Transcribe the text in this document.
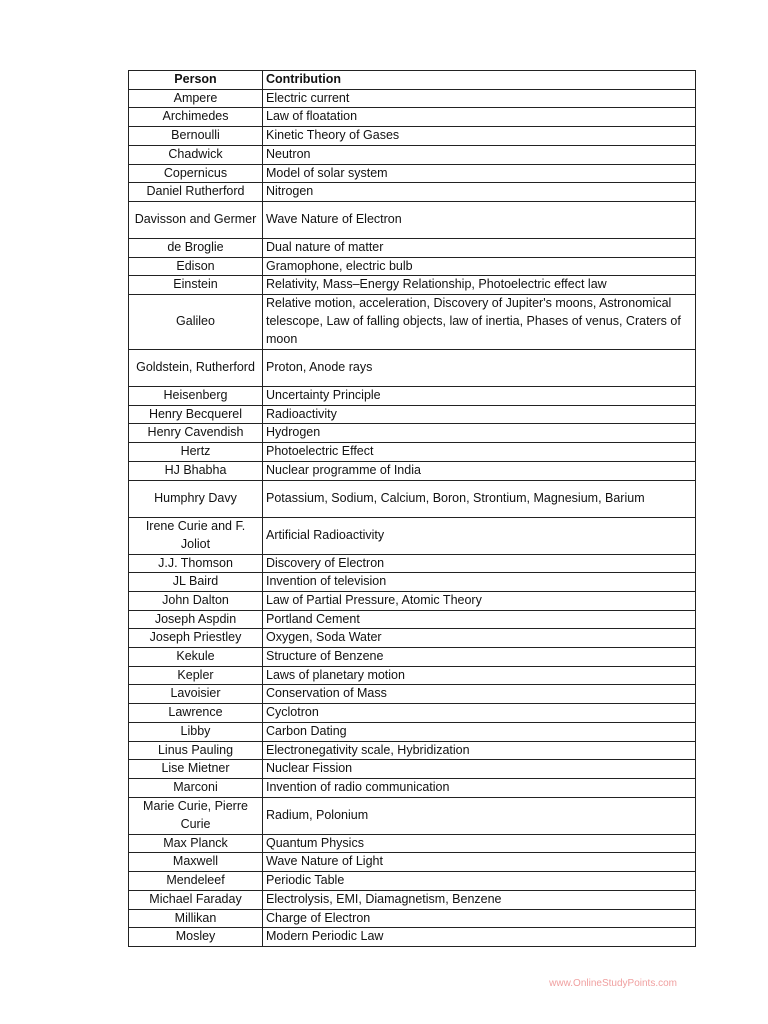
Person	Contribution
Ampere	Electric current
Archimedes	Law of floatation
Bernoulli	Kinetic Theory of Gases
Chadwick	Neutron
Copernicus	Model of solar system
Daniel Rutherford	Nitrogen
Davisson and Germer	Wave Nature of Electron
de Broglie	Dual nature of matter
Edison	Gramophone, electric bulb
Einstein	Relativity, Mass–Energy Relationship, Photoelectric effect law
Galileo	Relative motion, acceleration, Discovery of Jupiter's moons, Astronomical telescope, Law of falling objects, law of inertia, Phases of venus, Craters of moon
Goldstein, Rutherford	Proton, Anode rays
Heisenberg	Uncertainty Principle
Henry Becquerel	Radioactivity
Henry Cavendish	Hydrogen
Hertz	Photoelectric Effect
HJ Bhabha	Nuclear programme of India
Humphry Davy	Potassium, Sodium, Calcium, Boron, Strontium, Magnesium, Barium
Irene Curie and F. Joliot	Artificial Radioactivity
J.J. Thomson	Discovery of Electron
JL Baird	Invention of television
John Dalton	Law of Partial Pressure, Atomic Theory
Joseph Aspdin	Portland Cement
Joseph Priestley	Oxygen, Soda Water
Kekule	Structure of Benzene
Kepler	Laws of planetary motion
Lavoisier	Conservation of Mass
Lawrence	Cyclotron
Libby	Carbon Dating
Linus Pauling	Electronegativity scale, Hybridization
Lise Mietner	Nuclear Fission
Marconi	Invention of radio communication
Marie Curie, Pierre Curie	Radium, Polonium
Max Planck	Quantum Physics
Maxwell	Wave Nature of Light
Mendeleef	Periodic Table
Michael Faraday	Electrolysis, EMI, Diamagnetism, Benzene
Millikan	Charge of Electron
Mosley	Modern Periodic Law
www.OnlineStudyPoints.com
